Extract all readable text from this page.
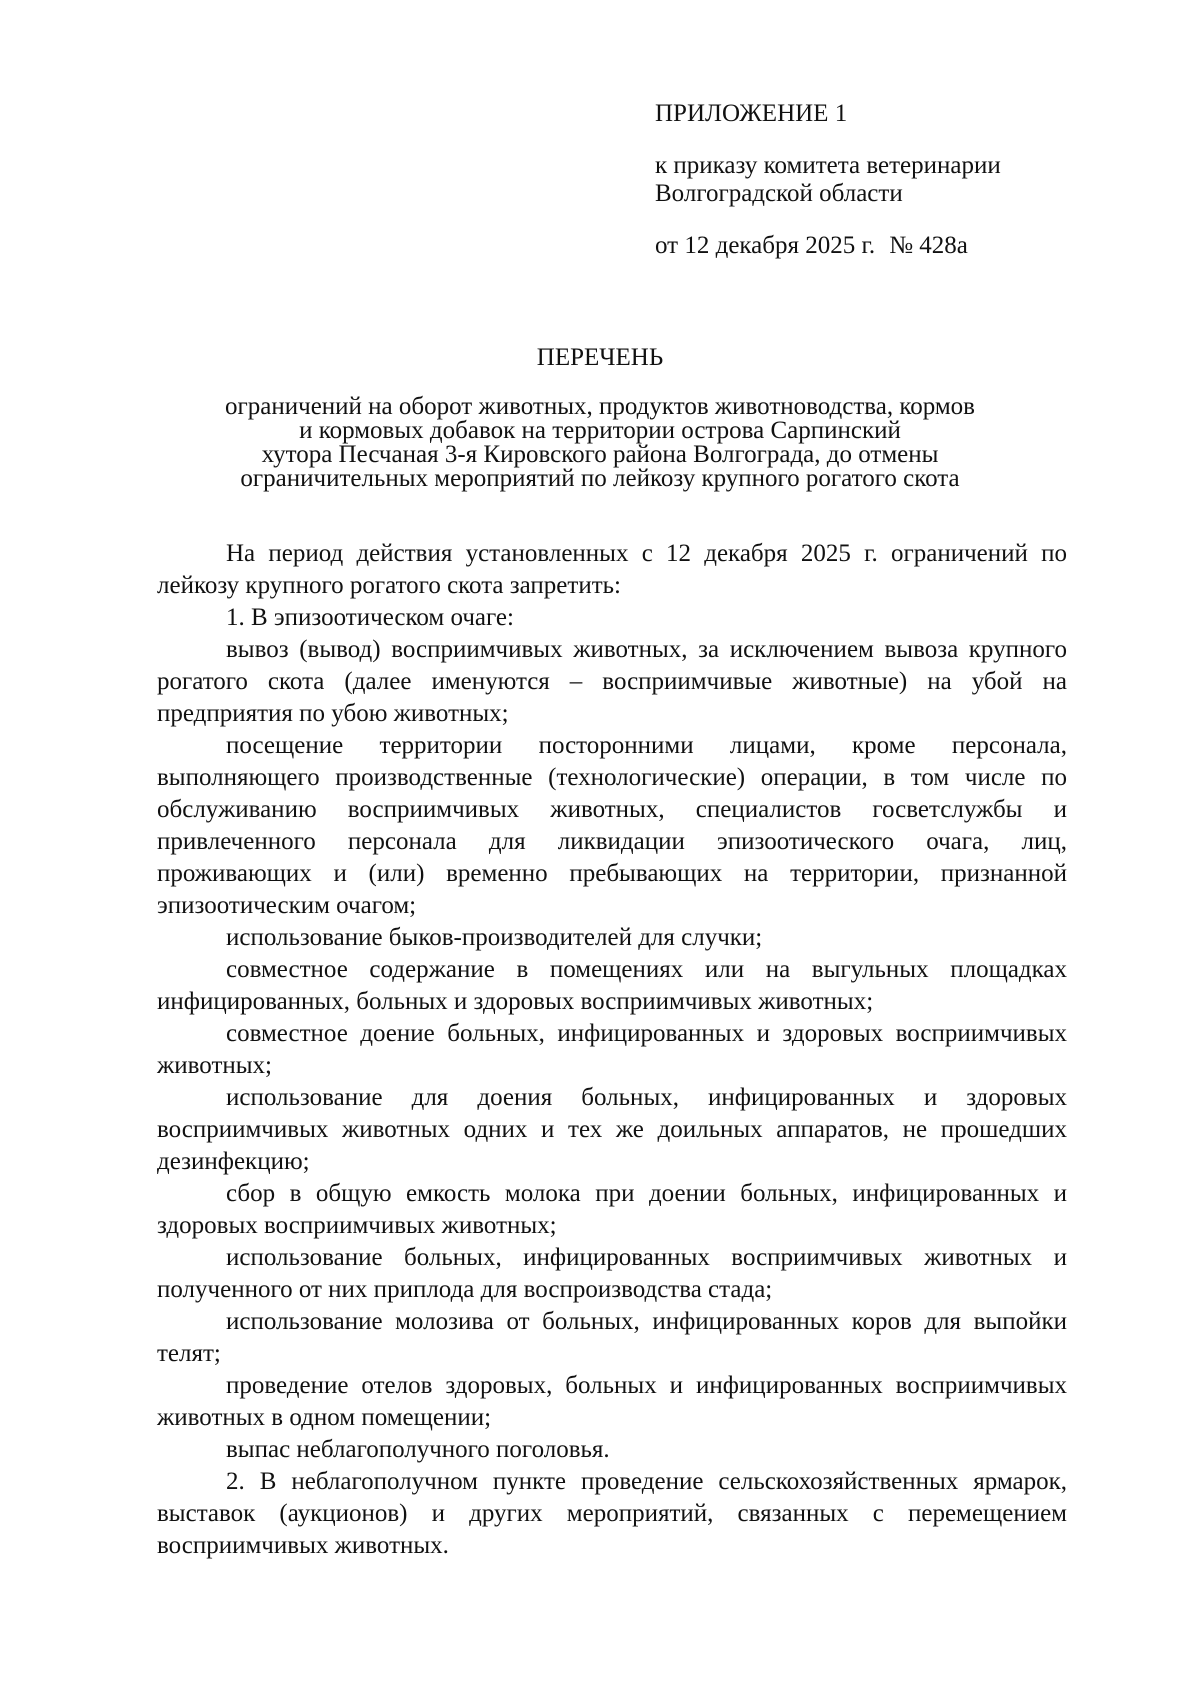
ПРИЛОЖЕНИЕ 1
к приказу комитета ветеринарии
Волгоградской области
от 12 декабря 2025 г. № 428а
ПЕРЕЧЕНЬ
ограничений на оборот животных, продуктов животноводства, кормов
и кормовых добавок на территории острова Сарпинский
хутора Песчаная 3-я Кировского района Волгограда, до отмены
ограничительных мероприятий по лейкозу крупного рогатого скота

На период действия установленных с 12 декабря 2025 г. ограничений по лейкозу крупного рогатого скота запретить:

1. В эпизоотическом очаге:

вывоз (вывод) восприимчивых животных, за исключением вывоза крупного рогатого скота (далее именуются – восприимчивые животные) на убой на предприятия по убою животных;

посещение территории посторонними лицами, кроме персонала, выполняющего производственные (технологические) операции, в том числе по обслуживанию восприимчивых животных, специалистов госветслужбы и привлеченного персонала для ликвидации эпизоотического очага, лиц, проживающих и (или) временно пребывающих на территории, признанной эпизоотическим очагом;

использование быков-производителей для случки;

совместное содержание в помещениях или на выгульных площадках инфицированных, больных и здоровых восприимчивых животных;

совместное доение больных, инфицированных и здоровых восприимчивых животных;

использование для доения больных, инфицированных и здоровых восприимчивых животных одних и тех же доильных аппаратов, не прошедших дезинфекцию;

сбор в общую емкость молока при доении больных, инфицированных и здоровых восприимчивых животных;

использование больных, инфицированных восприимчивых животных и полученного от них приплода для воспроизводства стада;

использование молозива от больных, инфицированных коров для выпойки телят;

проведение отелов здоровых, больных и инфицированных восприимчивых животных в одном помещении;

выпас неблагополучного поголовья.

2. В неблагополучном пункте проведение сельскохозяйственных ярмарок, выставок (аукционов) и других мероприятий, связанных с перемещением восприимчивых животных.
